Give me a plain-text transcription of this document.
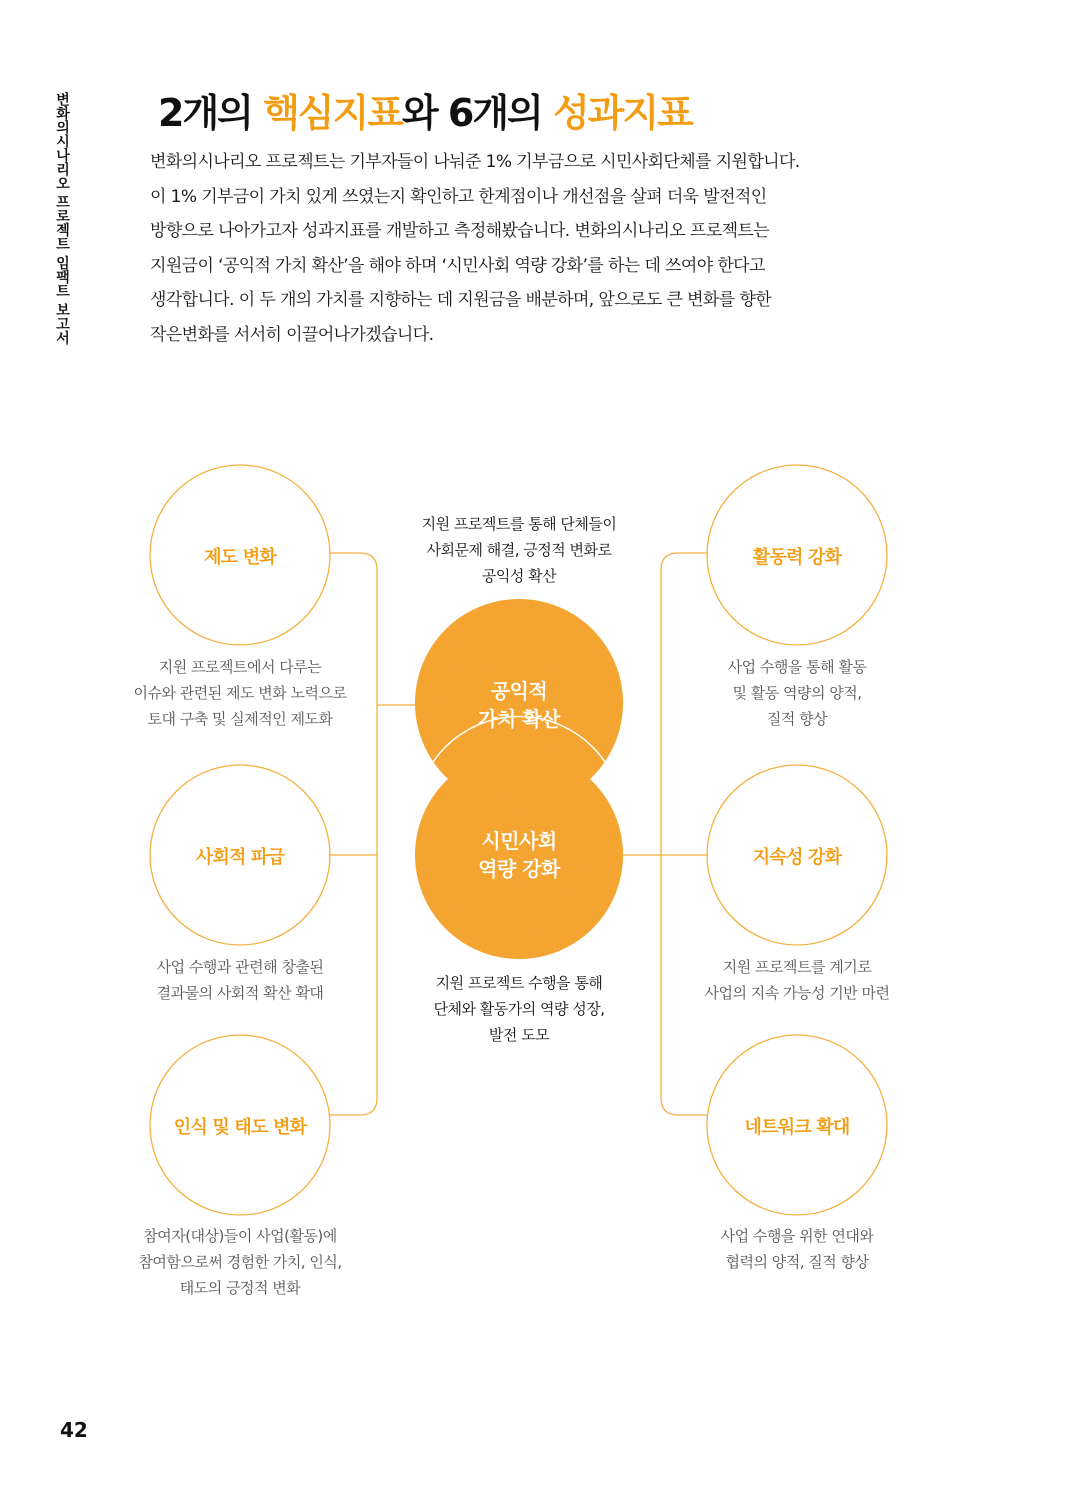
변화의시나리오 프로젝트 임팩트 보고서 2개의 핵심지표와 6개의 성과지표

변화의시나리오 프로젝트는 기부자들이 나눠준 1% 기부금으로 시민사회단체를 지원합니다.
이 1% 기부금이 가치 있게 쓰였는지 확인하고 한계점이나 개선점을 살펴 더욱 발전적인
방향으로 나아가고자 성과지표를 개발하고 측정해봤습니다. 변화의시나리오 프로젝트는
지원금이 ‘공익적 가치 확산’을 해야 하며 ‘시민사회 역량 강화’를 하는 데 쓰여야 한다고
생각합니다. 이 두 개의 가치를 지향하는 데 지원금을 배분하며, 앞으로도 큰 변화를 향한
작은변화를 서서히 이끌어나가겠습니다.

공익적
가치 확산
시민사회
역량 강화
지원 프로젝트를 통해 단체들이
사회문제 해결, 긍정적 변화로
공익성 확산
지원 프로젝트 수행을 통해
단체와 활동가의 역량 성장,
발전 도모
제도 변화
사회적 파급
인식 및 태도 변화
활동력 강화
지속성 강화
네트워크 확대
지원 프로젝트에서 다루는
이슈와 관련된 제도 변화 노력으로
토대 구축 및 실제적인 제도화
사업 수행과 관련해 창출된
결과물의 사회적 확산 확대
참여자(대상)들이 사업(활동)에
참여함으로써 경험한 가치, 인식,
태도의 긍정적 변화
사업 수행을 통해 활동
및 활동 역량의 양적,
질적 향상
지원 프로젝트를 계기로
사업의 지속 가능성 기반 마련
사업 수행을 위한 연대와
협력의 양적, 질적 향상
42
